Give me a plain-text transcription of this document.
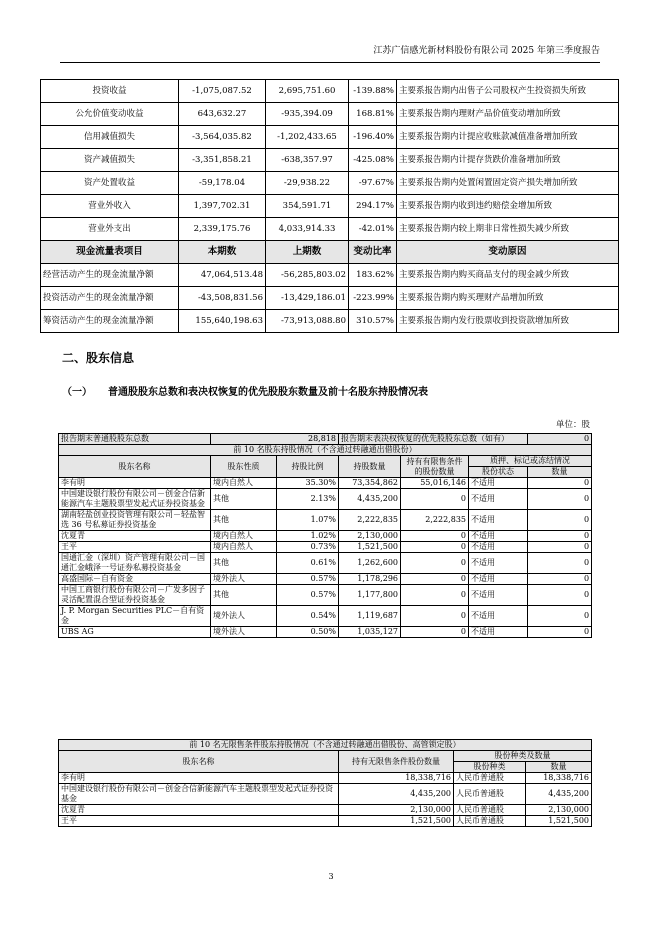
江苏广信感光新材料股份有限公司 2025 年第三季度报告
投资收益	-1,075,087.52	2,695,751.60	-139.88%	主要系报告期内出售子公司股权产生投资损失所致
公允价值变动收益	643,632.27	-935,394.09	168.81%	主要系报告期内理财产品价值变动增加所致
信用减值损失	-3,564,035.82	-1,202,433.65	-196.40%	主要系报告期内计提应收账款减值准备增加所致
资产减值损失	-3,351,858.21	-638,357.97	-425.08%	主要系报告期内计提存货跌价准备增加所致
资产处置收益	-59,178.04	-29,938.22	-97.67%	主要系报告期内处置闲置固定资产损失增加所致
营业外收入	1,397,702.31	354,591.71	294.17%	主要系报告期内收到违约赔偿金增加所致
营业外支出	2,339,175.76	4,033,914.33	-42.01%	主要系报告期内较上期非日常性损失减少所致
现金流量表项目	本期数	上期数	变动比率	变动原因
经营活动产生的现金流量净额	47,064,513.48	-56,285,803.02	183.62%	主要系报告期内购买商品支付的现金减少所致
投资活动产生的现金流量净额	-43,508,831.56	-13,429,186.01	-223.99%	主要系报告期内购买理财产品增加所致
筹资活动产生的现金流量净额	155,640,198.63	-73,913,088.80	310.57%	主要系报告期内发行股票收到投资款增加所致
二、股东信息
（一） 普通股股东总数和表决权恢复的优先股股东数量及前十名股东持股情况表
单位：股
报告期末普通股股东总数	28,818		报告期末表决权恢复的优先股股东总数（如有）			0
前 10 名股东持股情况（不含通过转融通出借股份）						
股东名称	股东性质	持股比例	持股数量	持有有限售条件的股份数量	质押、标记或冻结情况	
					股份状态	数量
李有明	境内自然人	35.30%	73,354,862	55,016,146	不适用	0
中国建设银行股份有限公司－创金合信新能源汽车主题股票型发起式证券投资基金	其他	2.13%	4,435,200	0	不适用	0
湖南轻盐创业投资管理有限公司－轻盐智选 36 号私募证券投资基金	其他	1.07%	2,222,835	2,222,835	不适用	0
沈夏青	境内自然人	1.02%	2,130,000	0	不适用	0
王平	境内自然人	0.73%	1,521,500	0	不适用	0
国通汇金（深圳）资产管理有限公司－国通汇金峨泽一号证券私募投资基金	其他	0.61%	1,262,600	0	不适用	0
高盛国际－自有资金	境外法人	0.57%	1,178,296	0	不适用	0
中国工商银行股份有限公司－广发多因子灵活配置混合型证券投资基金	其他	0.57%	1,177,800	0	不适用	0
J. P. Morgan Securities PLC－自有资金	境外法人	0.54%	1,119,687	0	不适用	0
UBS AG	境外法人	0.50%	1,035,127	0	不适用	0
前 10 名无限售条件股东持股情况（不含通过转融通出借股份、高管锁定股）			
股东名称	持有无限售条件股份数量	股份种类及数量	
		股份种类	数量
李有明	18,338,716	人民币普通股	18,338,716
中国建设银行股份有限公司－创金合信新能源汽车主题股票型发起式证券投资基金	4,435,200	人民币普通股	4,435,200
沈夏青	2,130,000	人民币普通股	2,130,000
王平	1,521,500	人民币普通股	1,521,500
3
